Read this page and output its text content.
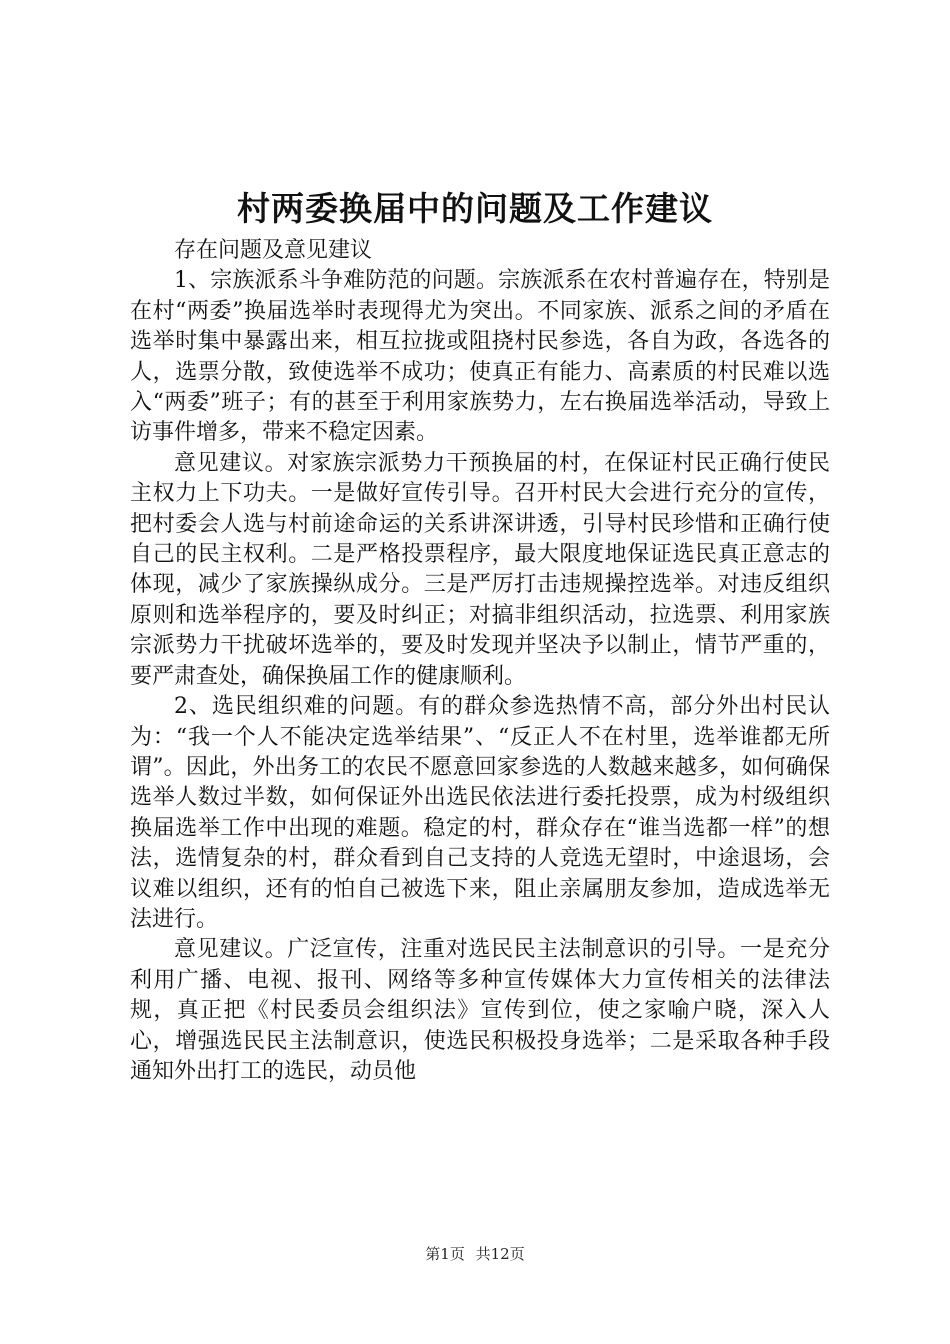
村两委换届中的问题及工作建议

存在问题及意见建议

1、宗族派系斗争难防范的问题。宗族派系在农村普遍存在，特别是在村“两委”换届选举时表现得尤为突出。不同家族、派系之间的矛盾在选举时集中暴露出来，相互拉拢或阻挠村民参选，各自为政，各选各的人，选票分散，致使选举不成功；使真正有能力、高素质的村民难以选入“两委”班子；有的甚至于利用家族势力，左右换届选举活动，导致上访事件增多，带来不稳定因素。

意见建议。对家族宗派势力干预换届的村，在保证村民正确行使民主权力上下功夫。一是做好宣传引导。召开村民大会进行充分的宣传，把村委会人选与村前途命运的关系讲深讲透，引导村民珍惜和正确行使自己的民主权利。二是严格投票程序，最大限度地保证选民真正意志的体现，减少了家族操纵成分。三是严厉打击违规操控选举。对违反组织原则和选举程序的，要及时纠正；对搞非组织活动，拉选票、利用家族宗派势力干扰破坏选举的，要及时发现并坚决予以制止，情节严重的，要严肃查处，确保换届工作的健康顺利。

2、选民组织难的问题。有的群众参选热情不高，部分外出村民认为：“我一个人不能决定选举结果”、“反正人不在村里，选举谁都无所谓”。因此，外出务工的农民不愿意回家参选的人数越来越多，如何确保选举人数过半数，如何保证外出选民依法进行委托投票，成为村级组织换届选举工作中出现的难题。稳定的村，群众存在“谁当选都一样”的想法，选情复杂的村，群众看到自己支持的人竞选无望时，中途退场，会议难以组织，还有的怕自己被选下来，阻止亲属朋友参加，造成选举无法进行。

意见建议。广泛宣传，注重对选民民主法制意识的引导。一是充分利用广播、电视、报刊、网络等多种宣传媒体大力宣传相关的法律法规，真正把《村民委员会组织法》宣传到位，使之家喻户晓，深入人心，增强选民民主法制意识，使选民积极投身选举；二是采取各种手段通知外出打工的选民，动员他

第1页 共12页
